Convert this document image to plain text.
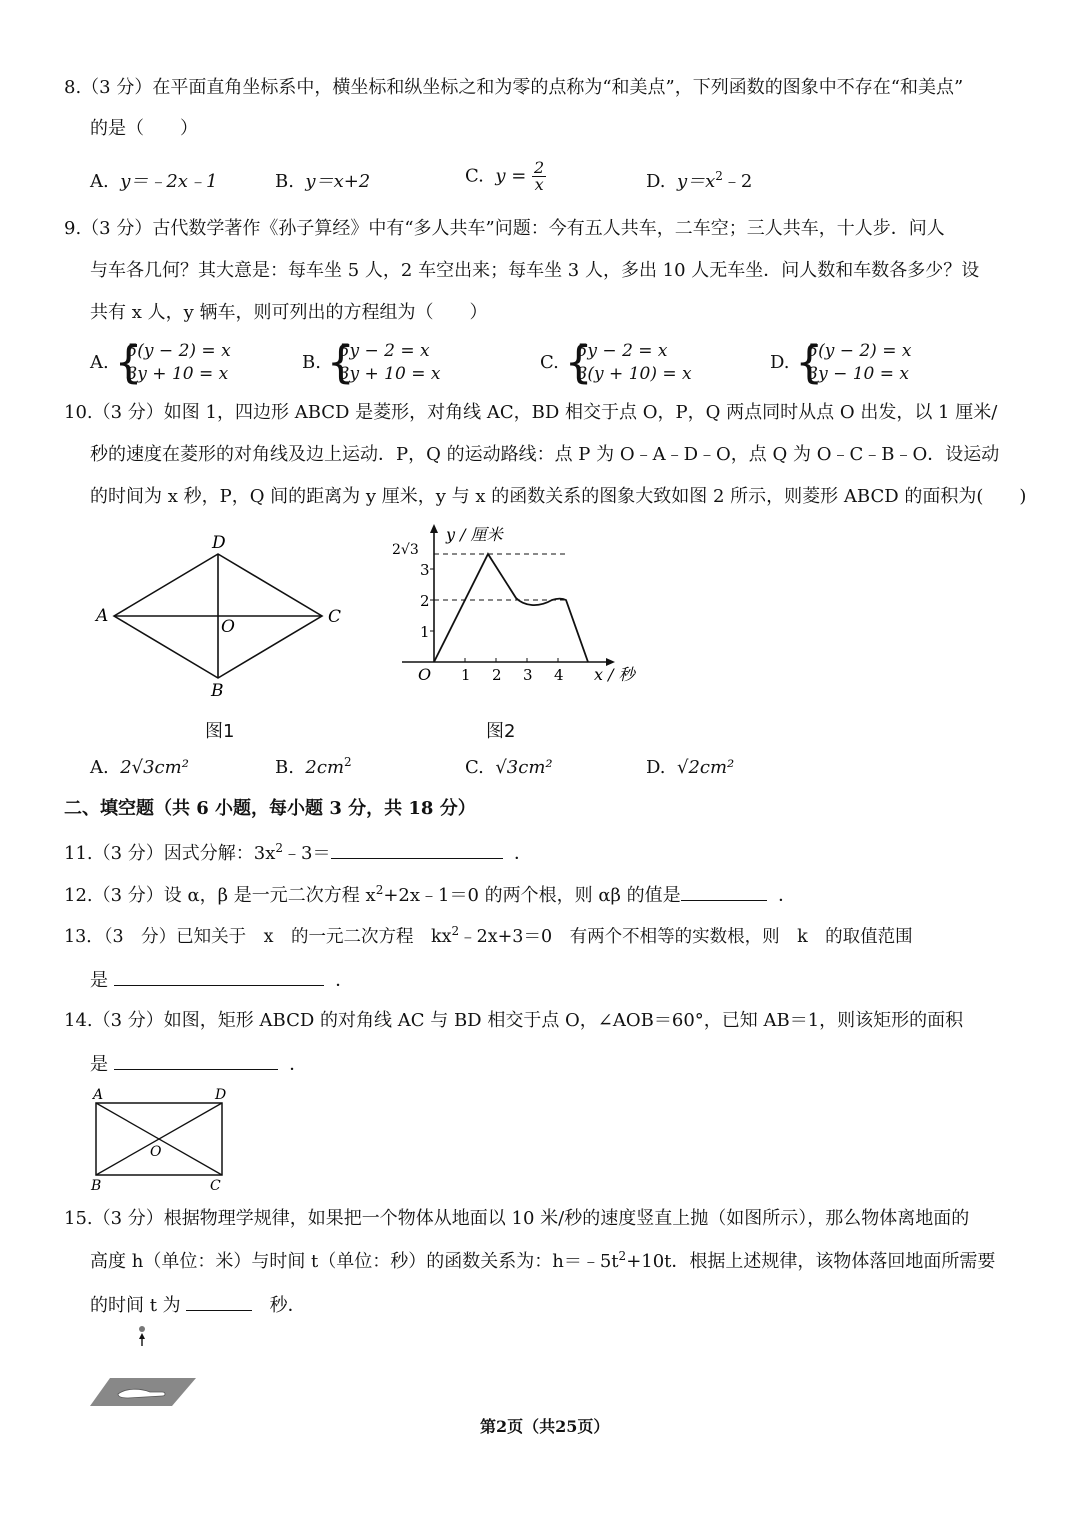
8.（3 分）在平面直角坐标系中，横坐标和纵坐标之和为零的点称为“和美点”，下列函数的图象中不存在“和美点”
的是（　　）
A. y＝﹣2x﹣1	B. y＝x+2	C. $y = \frac{2}{x}$	D. $y=x^2﹣2$
9.（3 分）古代数学著作《孙子算经》中有“多人共车”问题：今有五人共车，二车空；三人共车，十人步．问人
与车各几何？其大意是：每车坐 5 人，2 车空出来；每车坐 3 人，多出 10 人无车坐．问人数和车数各多少？设
共有 x 人，y 辆车，则可列出的方程组为（　　）
A. {
5(y − 2) = x
3y + 10 = x
B. {
5y − 2 = x
3y + 10 = x
C. {
5y − 2 = x
3(y + 10) = x
D. {
5(y − 2) = x
3y − 10 = x
10.（3 分）如图 1，四边形 ABCD 是菱形，对角线 AC，BD 相交于点 O，P，Q 两点同时从点 O 出发，以 1 厘米/
秒的速度在菱形的对角线及边上运动．P，Q 的运动路线：点 P 为 O﹣A﹣D﹣O，点 Q 为 O﹣C﹣B﹣O．设运动
的时间为 x 秒，P，Q 间的距离为 y 厘米，y 与 x 的函数关系的图象大致如图 2 所示，则菱形 ABCD 的面积为(　　)
A
D
C
B
O
图1
1
2
3
2√3
1 2 3 4
O
y / 厘米
x / 秒
图2
A. 2√3cm²	B. $2cm^2$	C. √3cm²	D. √2cm²
二、填空题（共 6 小题，每小题 3 分，共 18 分）
11.（3 分）因式分解：$3x^2﹣3=$	．
12.（3 分）设 α，β 是一元二次方程 $x^2+2x﹣1=0$ 的两个根，则 αβ 的值是	．
13．（3　分）已知关于　x　的一元二次方程　$kx^2﹣2x+3=0$　有两个不相等的实数根，则　k　的取值范围
是	．
14.（3 分）如图，矩形 ABCD 的对角线 AC 与 BD 相交于点 O，∠AOB＝60°，已知 AB＝1，则该矩形的面积
是	．
A	D
B	C
O
15.（3 分）根据物理学规律，如果把一个物体从地面以 10 米/秒的速度竖直上抛（如图所示），那么物体离地面的
高度 h（单位：米）与时间 t（单位：秒）的函数关系为：$h=﹣5t^2+10t$．根据上述规律，该物体落回地面所需要
的时间 t 为	秒．
第2页（共25页）
